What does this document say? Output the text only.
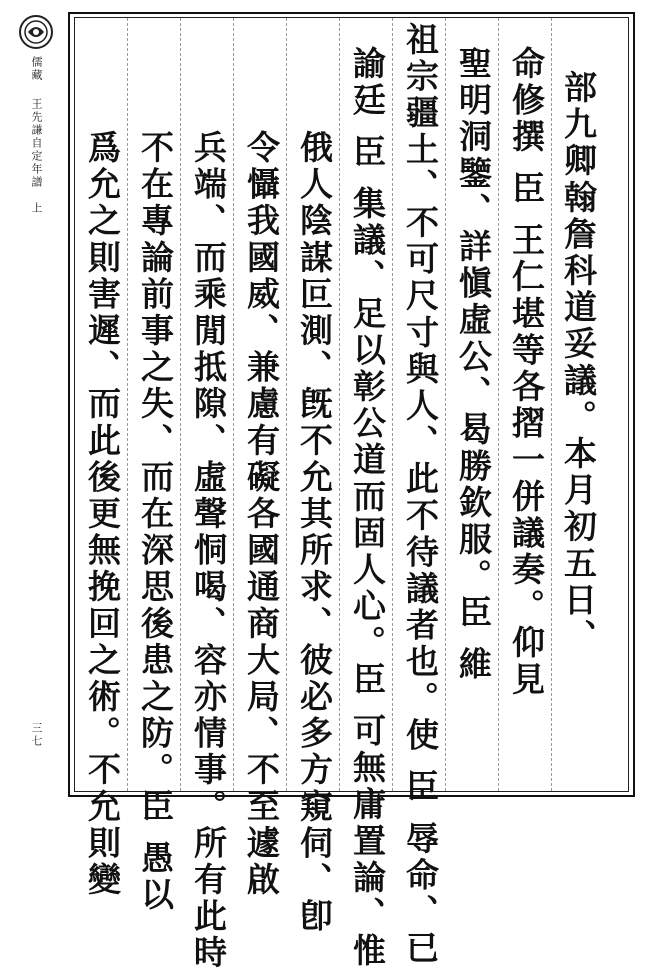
儒藏
王先謙自定年譜　上
三七
部九卿翰詹科道妥議。本月初五日、
命修撰 臣 王仁堪等各摺一併議奏。仰見
聖明洞鑒、詳愼虛公、曷勝欽服。臣 維
祖宗疆土、不可尺寸與人、此不待議者也。使 臣 辱命、已
諭廷 臣 集議、足以彰公道而固人心。臣 可無庸置論、惟
俄人陰謀叵測、旣不允其所求、彼必多方窺伺、卽
令懾我國威、兼慮有礙各國通商大局、不至遽啟
兵端、而乘閒抵隙、虛聲恫喝、容亦情事。所有此時
不在專論前事之失、而在深思後患之防。臣 愚以
爲允之則害遲、而此後更無挽回之術。不允則變
